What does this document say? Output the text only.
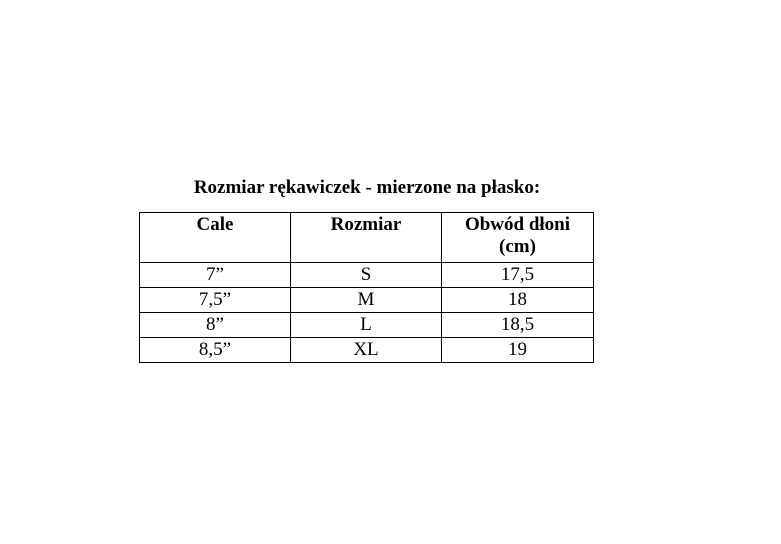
Rozmiar rękawiczek - mierzone na płasko:
Cale	Rozmiar	Obwód dłoni (cm)
7”	S	17,5
7,5”	M	18
8”	L	18,5
8,5”	XL	19
